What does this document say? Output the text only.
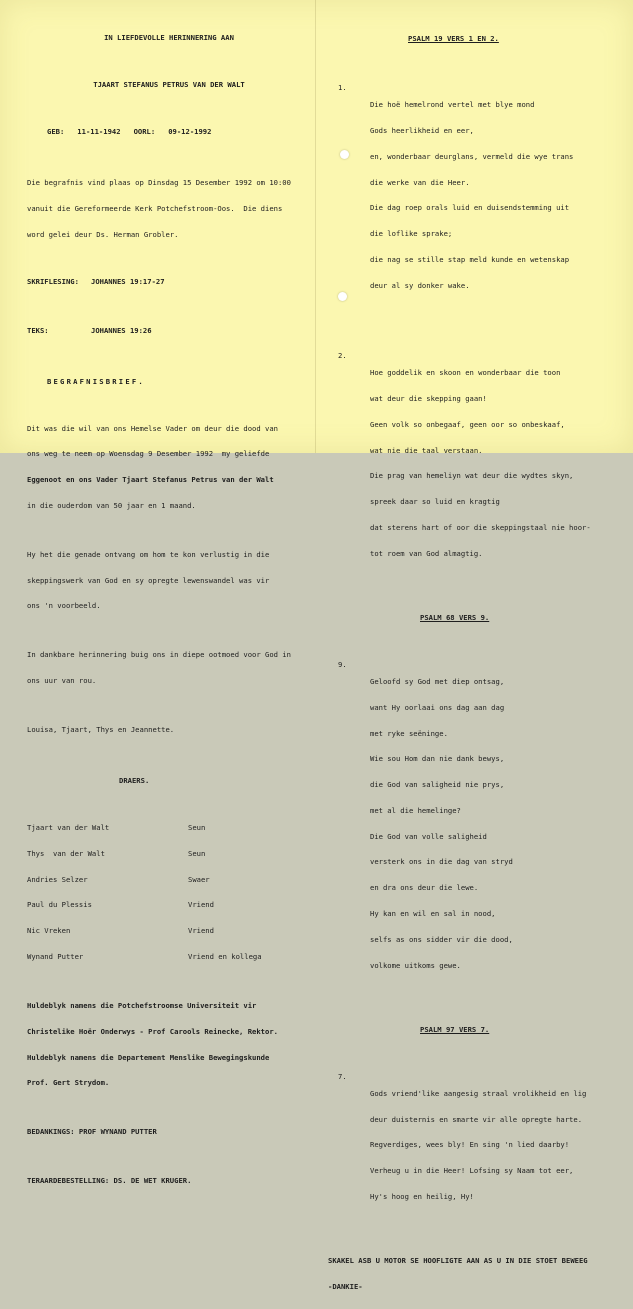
IN LIEFDEVOLLE HERINNERING AAN

TJAART STEFANUS PETRUS VAN DER WALT

GEB: 11-11-1942 OORL: 09-12-1992

Die begrafnis vind plaas op Dinsdag 15 Desember 1992 om 10:00

vanuit die Gereformeerde Kerk Potchefstroom-Oos.  Die diens

word gelei deur Ds. Herman Grobler.

SKRIFLESING:	JOHANNES 19:17-27

TEKS:	JOHANNES 19:26

BEGRAFNISBRIEF.

Dit was die wil van ons Hemelse Vader om deur die dood van

ons weg te neem op Woensdag 9 Desember 1992  my geliefde

Eggenoot en ons Vader Tjaart Stefanus Petrus van der Walt

in die ouderdom van 50 jaar en 1 maand.

Hy het die genade ontvang om hom te kon verlustig in die

skeppingswerk van God en sy opregte lewenswandel was vir

ons 'n voorbeeld.

In dankbare herinnering buig ons in diepe ootmoed voor God in

ons uur van rou.

Louisa, Tjaart, Thys en Jeannette.

DRAERS.

Tjaart van der Walt	Seun

Thys  van der Walt	Seun

Andries Selzer	Swaer

Paul du Plessis	Vriend

Nic Vreken	Vriend

Wynand Putter	Vriend en kollega

Huldeblyk namens die Potchefstroomse Universiteit vir

Christelike Hoër Onderwys - Prof Carools Reinecke, Rektor.

Huldeblyk namens die Departement Menslike Bewegingskunde

Prof. Gert Strydom.

BEDANKINGS: PROF WYNAND PUTTER

TERAARDEBESTELLING: DS. DE WET KRUGER.

PSALM 19 VERS 1 EN 2.

1.

Die hoë hemelrond vertel met blye mond

Gods heerlikheid en eer,

en, wonderbaar deurglans, vermeld die wye trans

die werke van die Heer.

Die dag roep orals luid en duisendstemming uit

die loflike sprake;

die nag se stille stap meld kunde en wetenskap

deur al sy donker wake.

2.

Hoe goddelik en skoon en wonderbaar die toon

wat deur die skepping gaan!

Geen volk so onbegaaf, geen oor so onbeskaaf,

wat nie die taal verstaan.

Die prag van hemeliyn wat deur die wydtes skyn,

spreek daar so luid en kragtig

dat sterens hart of oor die skeppingstaal nie hoor-

tot roem van God almagtig.

PSALM 68 VERS 9.

9.

Geloofd sy God met diep ontsag,

want Hy oorlaai ons dag aan dag

met ryke seëninge.

Wie sou Hom dan nie dank bewys,

die God van saligheid nie prys,

met al die hemelinge?

Die God van volle saligheid

versterk ons in die dag van stryd

en dra ons deur die lewe.

Hy kan en wil en sal in nood,

selfs as ons sidder vir die dood,

volkome uitkoms gewe.

PSALM 97 VERS 7.

7.

Gods vriend'like aangesig straal vrolikheid en lig

deur duisternis en smarte vir alle opregte harte.

Regverdiges, wees bly! En sing 'n lied daarby!

Verheug u in die Heer! Lofsing sy Naam tot eer,

Hy's hoog en heilig, Hy!

SKAKEL ASB U MOTOR SE HOOFLIGTE AAN AS U IN DIE STOET BEWEEG

-DANKIE-
